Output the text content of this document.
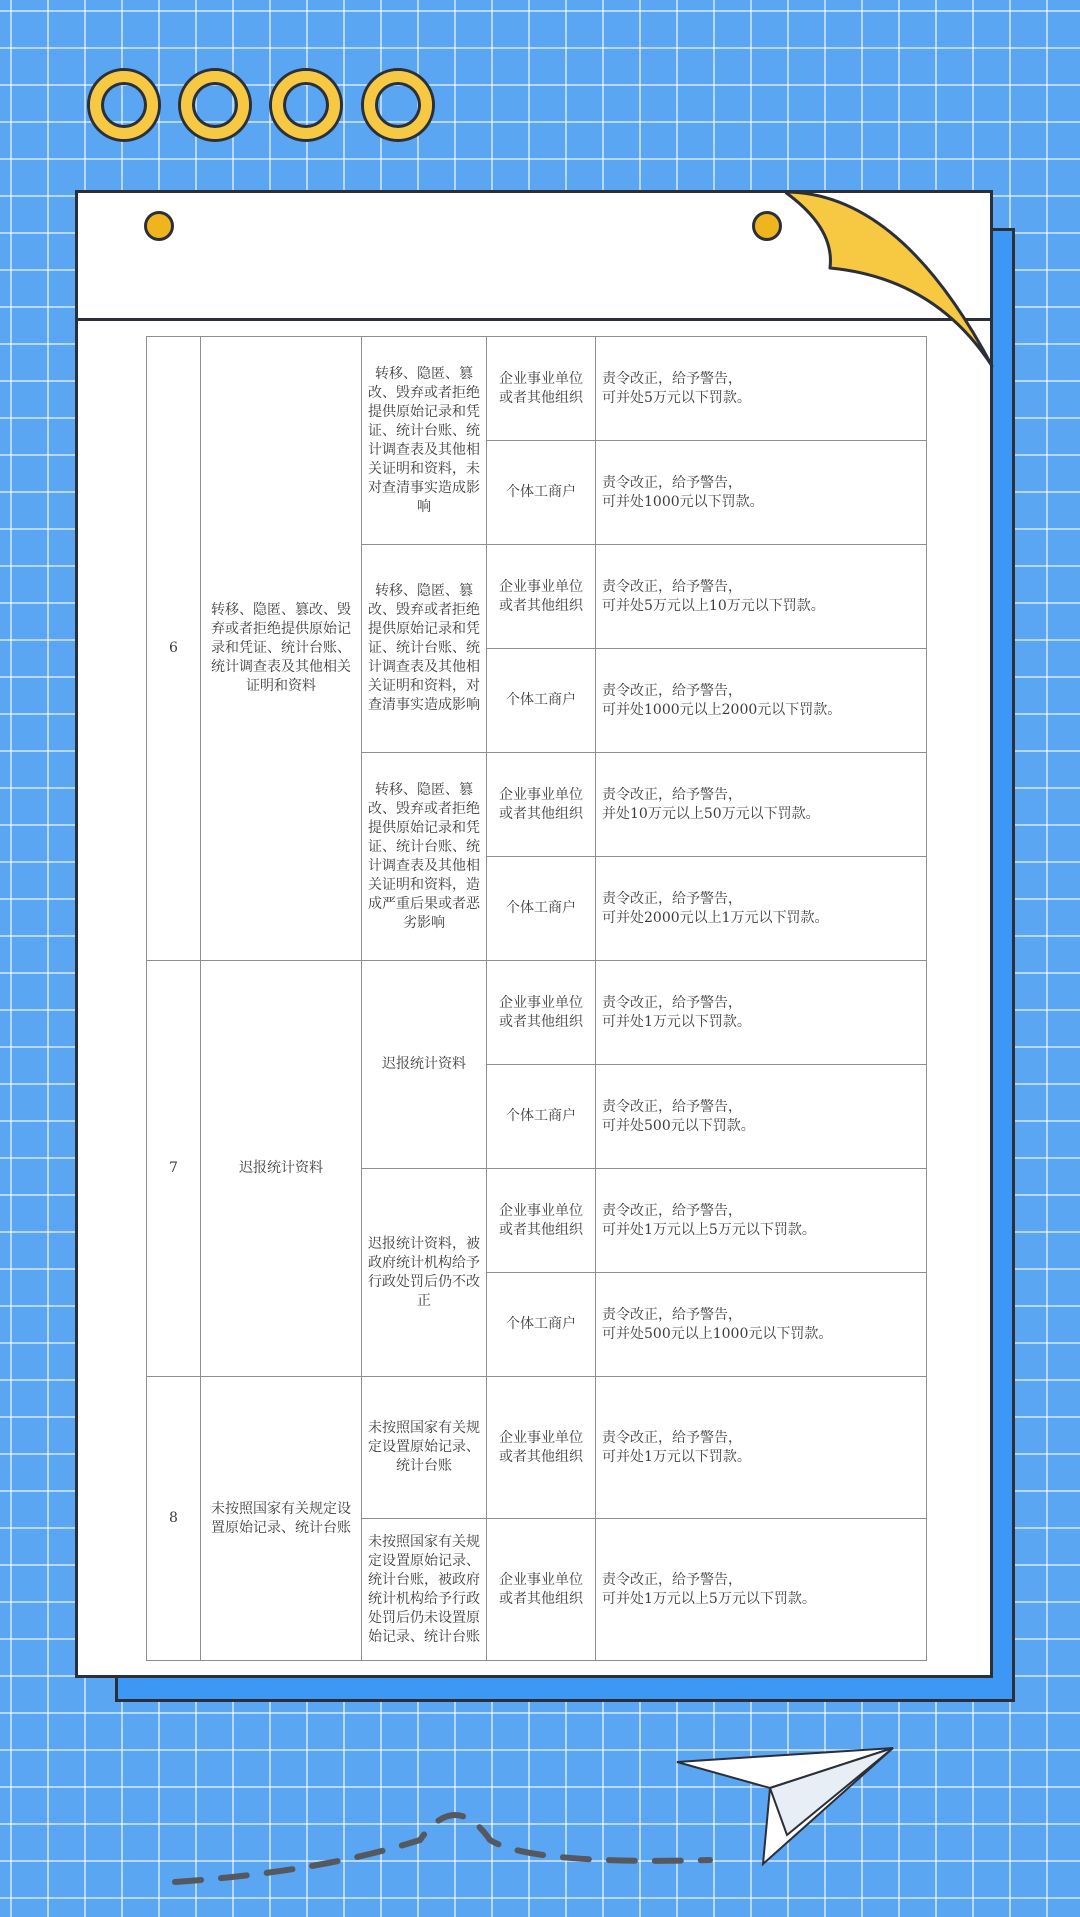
6	转移、隐匿、篡改、毁弃或者拒绝提供原始记录和凭证、统计台账、统计调查表及其他相关证明和资料	转移、隐匿、篡改、毁弃或者拒绝提供原始记录和凭证、统计台账、统计调查表及其他相关证明和资料，未对查清事实造成影响	企业事业单位或者其他组织	责令改正，给予警告，
可并处5万元以下罚款。

			个体工商户	责令改正，给予警告，
可并处1000元以下罚款。

		转移、隐匿、篡改、毁弃或者拒绝提供原始记录和凭证、统计台账、统计调查表及其他相关证明和资料，对查清事实造成影响	企业事业单位或者其他组织	责令改正，给予警告，
可并处5万元以上10万元以下罚款。

			个体工商户	责令改正，给予警告，
可并处1000元以上2000元以下罚款。

		转移、隐匿、篡改、毁弃或者拒绝提供原始记录和凭证、统计台账、统计调查表及其他相关证明和资料，造成严重后果或者恶劣影响	企业事业单位或者其他组织	责令改正，给予警告，
并处10万元以上50万元以下罚款。

			个体工商户	责令改正，给予警告，
可并处2000元以上1万元以下罚款。

7	迟报统计资料	迟报统计资料	企业事业单位或者其他组织	责令改正，给予警告，
可并处1万元以下罚款。

			个体工商户	责令改正，给予警告，
可并处500元以下罚款。

		迟报统计资料，被政府统计机构给予行政处罚后仍不改正	企业事业单位或者其他组织	责令改正，给予警告，
可并处1万元以上5万元以下罚款。

			个体工商户	责令改正，给予警告，
可并处500元以上1000元以下罚款。

8	未按照国家有关规定设置原始记录、统计台账	未按照国家有关规定设置原始记录、统计台账	企业事业单位或者其他组织	责令改正，给予警告，
可并处1万元以下罚款。

		未按照国家有关规定设置原始记录、统计台账，被政府统计机构给予行政处罚后仍未设置原始记录、统计台账	企业事业单位或者其他组织	责令改正，给予警告，
可并处1万元以上5万元以下罚款。
